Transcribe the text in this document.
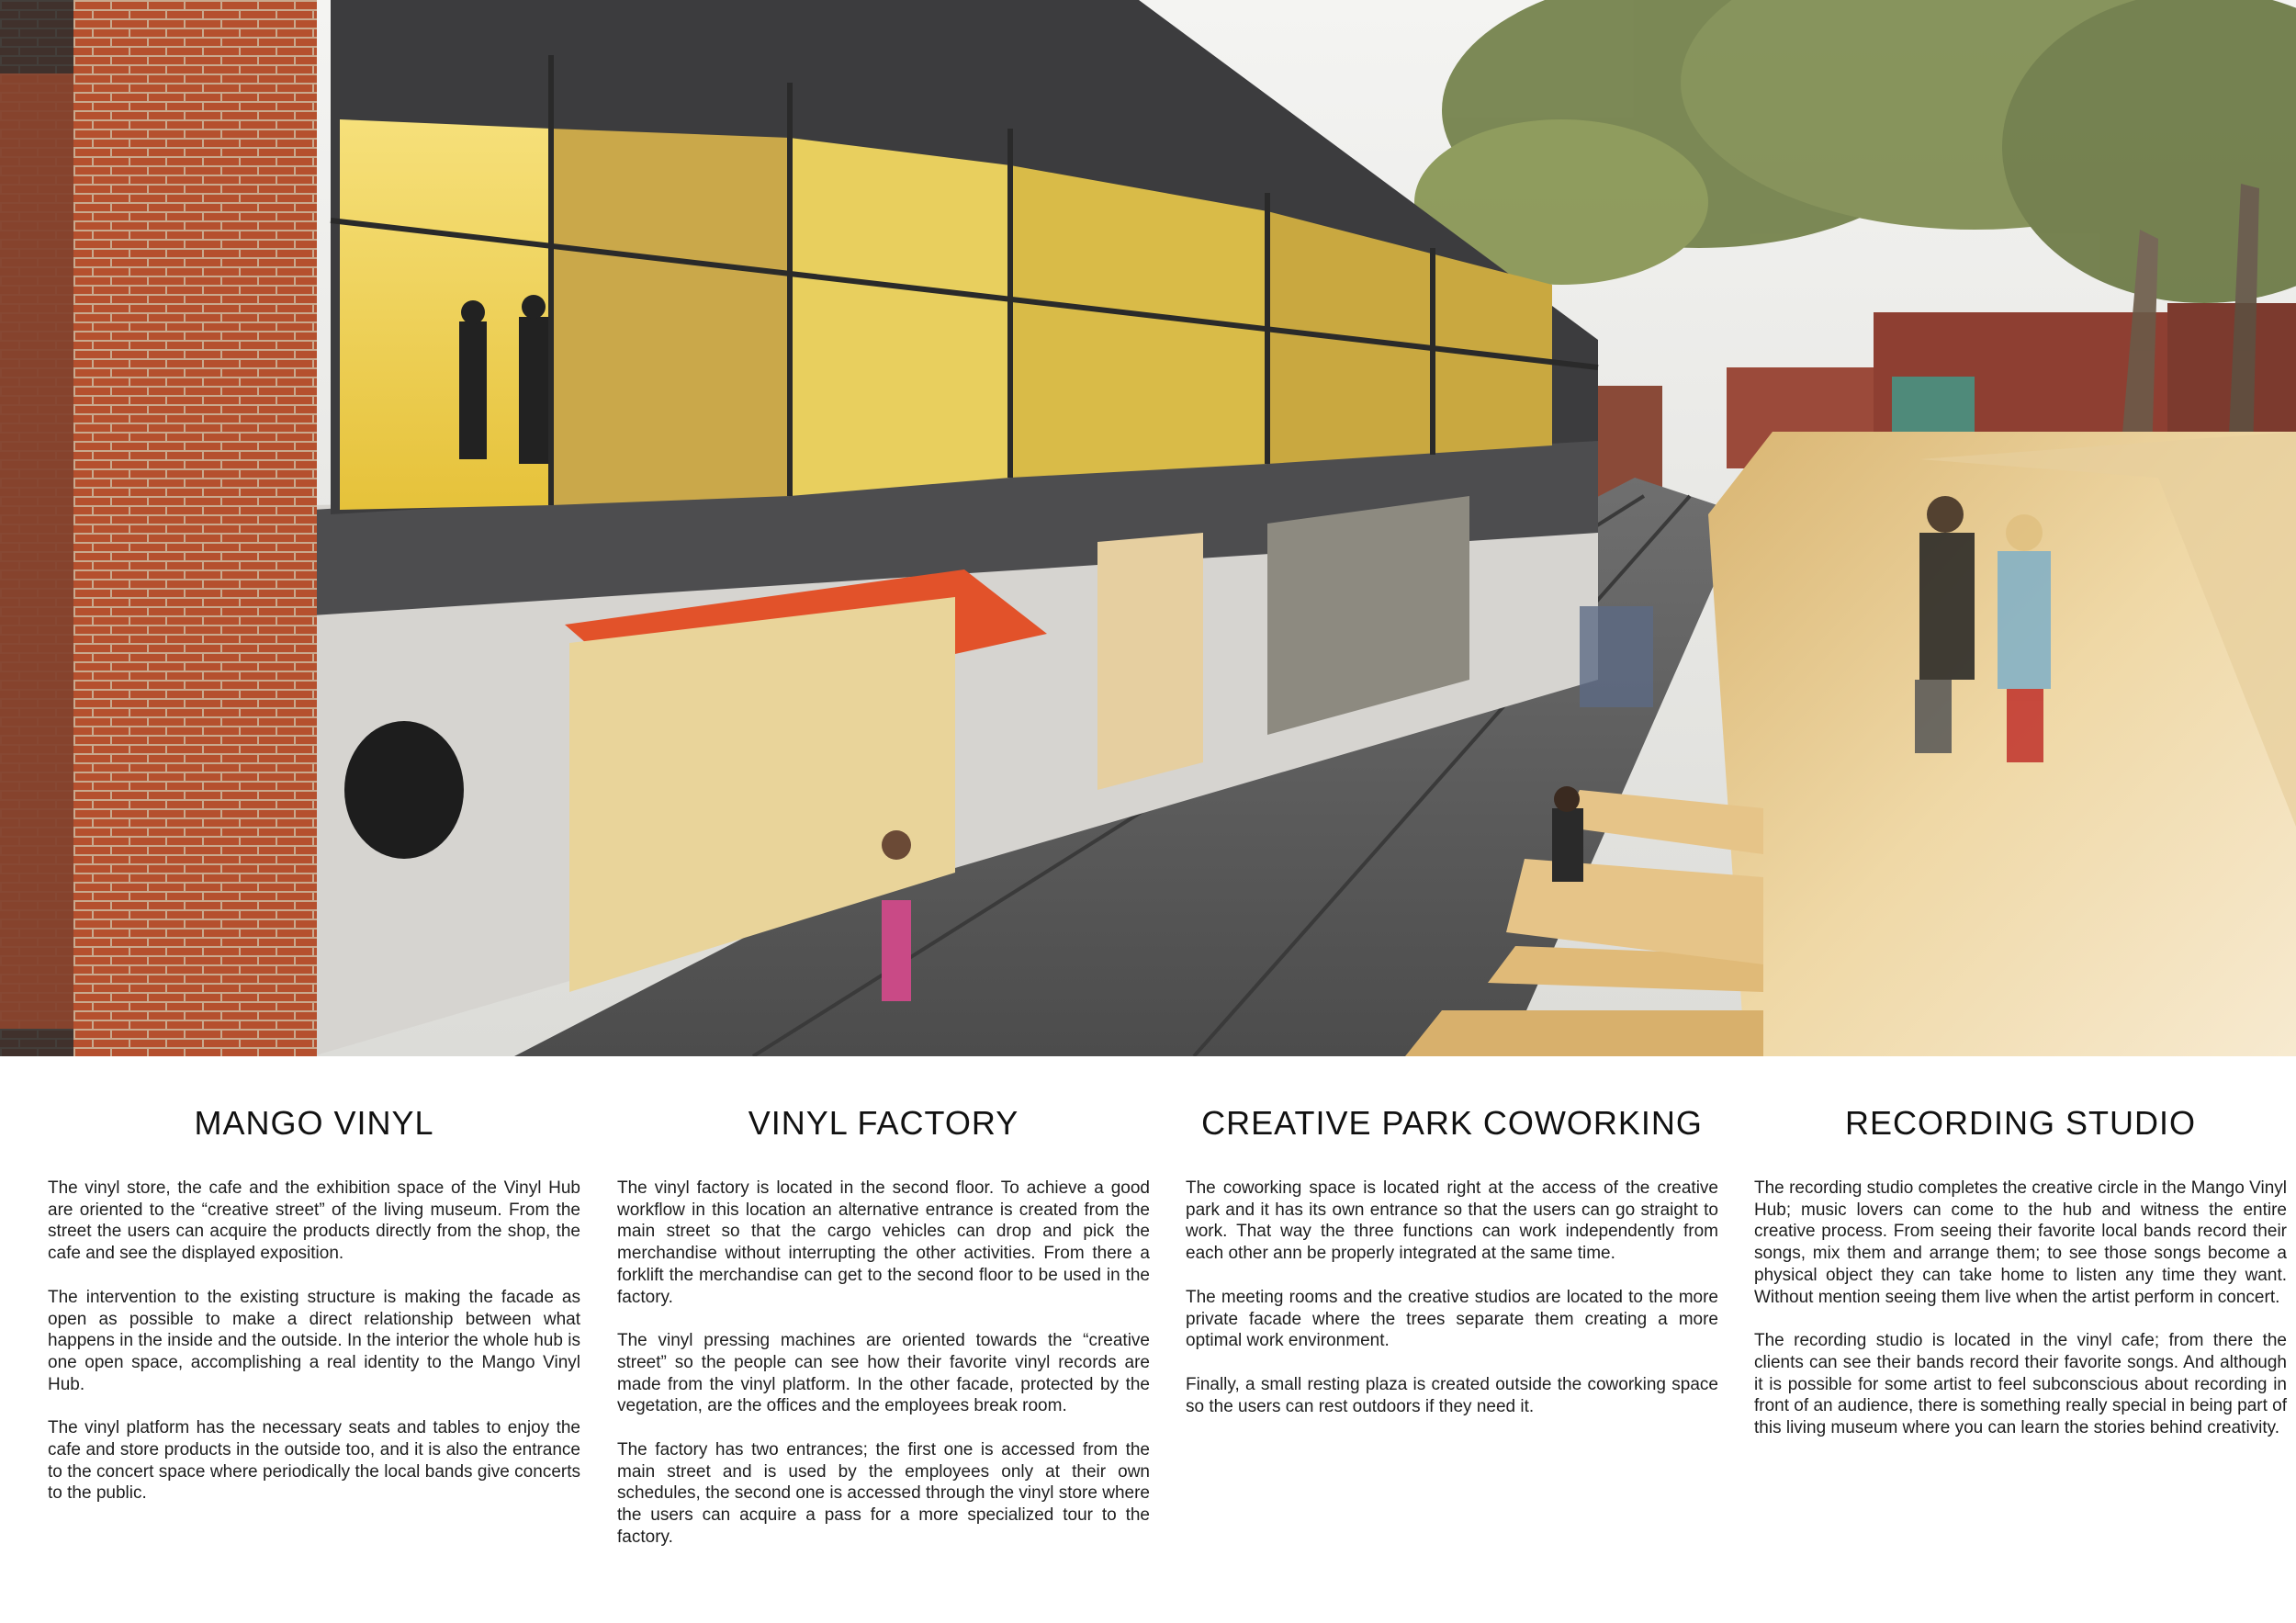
MANGO VINYL

The vinyl store, the cafe and the exhibition space of the Vinyl Hub are oriented to the “creative street” of the living museum. From the street the users can acquire the products directly from the shop, the cafe and see the displayed exposition.

The intervention to the existing structure is making the facade as open as possible to make a direct relationship between what happens in the inside and the outside. In the interior the whole hub is one open space, accomplishing a real identity to the Mango Vinyl Hub.

The vinyl platform has the necessary seats and tables to enjoy the cafe and store products in the outside too, and it is also the entrance to the concert space where periodically the local bands give concerts to the public.

VINYL FACTORY

The vinyl factory is located in the second floor. To achieve a good workflow in this location an alternative entrance is created from the main street so that the cargo vehicles can drop and pick the merchandise without interrupting the other activities. From there a forklift the merchandise can get to the second floor to be used in the factory.

The vinyl pressing machines are oriented towards the “creative street” so the people can see how their favorite vinyl records are made from the vinyl platform. In the other facade, protected by the vegetation, are the offices and the employees break room.

The factory has two entrances; the first one is accessed from the main street and is used by the employees only at their own schedules, the second one is accessed through the vinyl store where the users can acquire a pass for a more specialized tour to the factory.

CREATIVE PARK COWORKING

The coworking space is located right at the access of the creative park and it has its own entrance so that the users can go straight to work. That way the three functions can work independently from each other ann be properly integrated at the same time.

The meeting rooms and the creative studios are located to the more private facade where the trees separate them creating a more optimal work environment.

Finally, a small resting plaza is created outside the coworking space so the users can rest outdoors if they need it.

RECORDING STUDIO

The recording studio completes the creative circle in the Mango Vinyl Hub; music lovers can come to the hub and witness the entire creative process. From seeing their favorite local bands record their songs, mix them and arrange them; to see those songs become a physical object they can take home to listen any time they want. Without mention seeing them live when the artist perform in concert.

The recording studio is located in the vinyl cafe; from there the clients can see their bands record their favorite songs. And although it is possible for some artist to feel subconscious about recording in front of an audience, there is something really special in being part of this living museum where you can learn the stories behind creativity.
